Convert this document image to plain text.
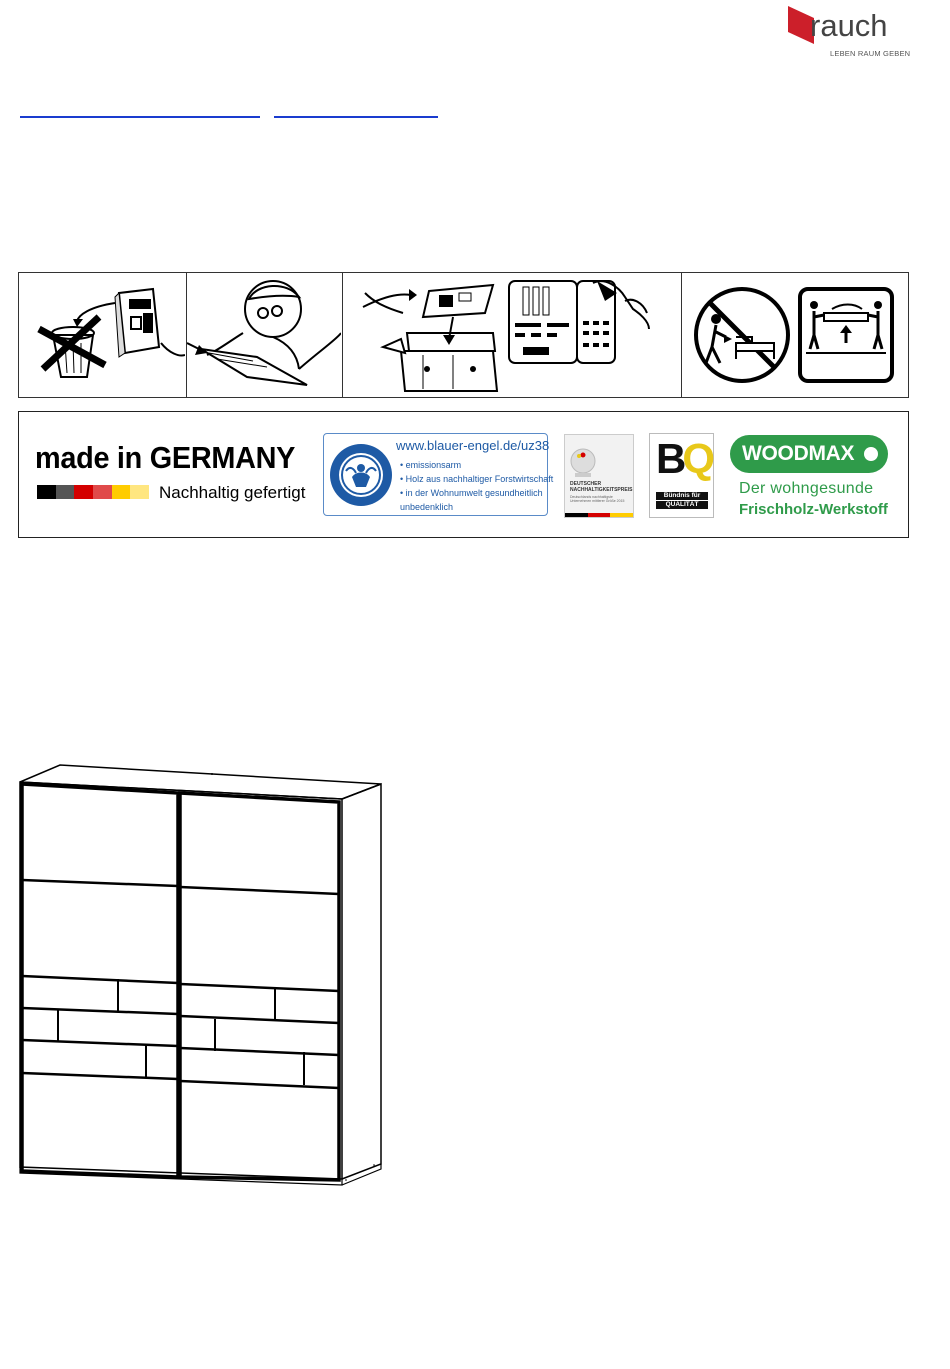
rauch
LEBEN RAUM GEBEN
made in GERMANY
Nachhaltig gefertigt
www.blauer-engel.de/uz38
• emissionsarm
• Holz aus nachhaltiger Forstwirtschaft
• in der Wohnumwelt gesundheitlich
unbedenklich
DEUTSCHER
NACHHALTIGKEITSPREIS
Deutschlands nachhaltigste
Unternehmen mittlerer Größe 2015
BQ
Bündnis für
QUALITÄT
WOODMAX
Der wohngesunde
Frischholz-Werkstoff
